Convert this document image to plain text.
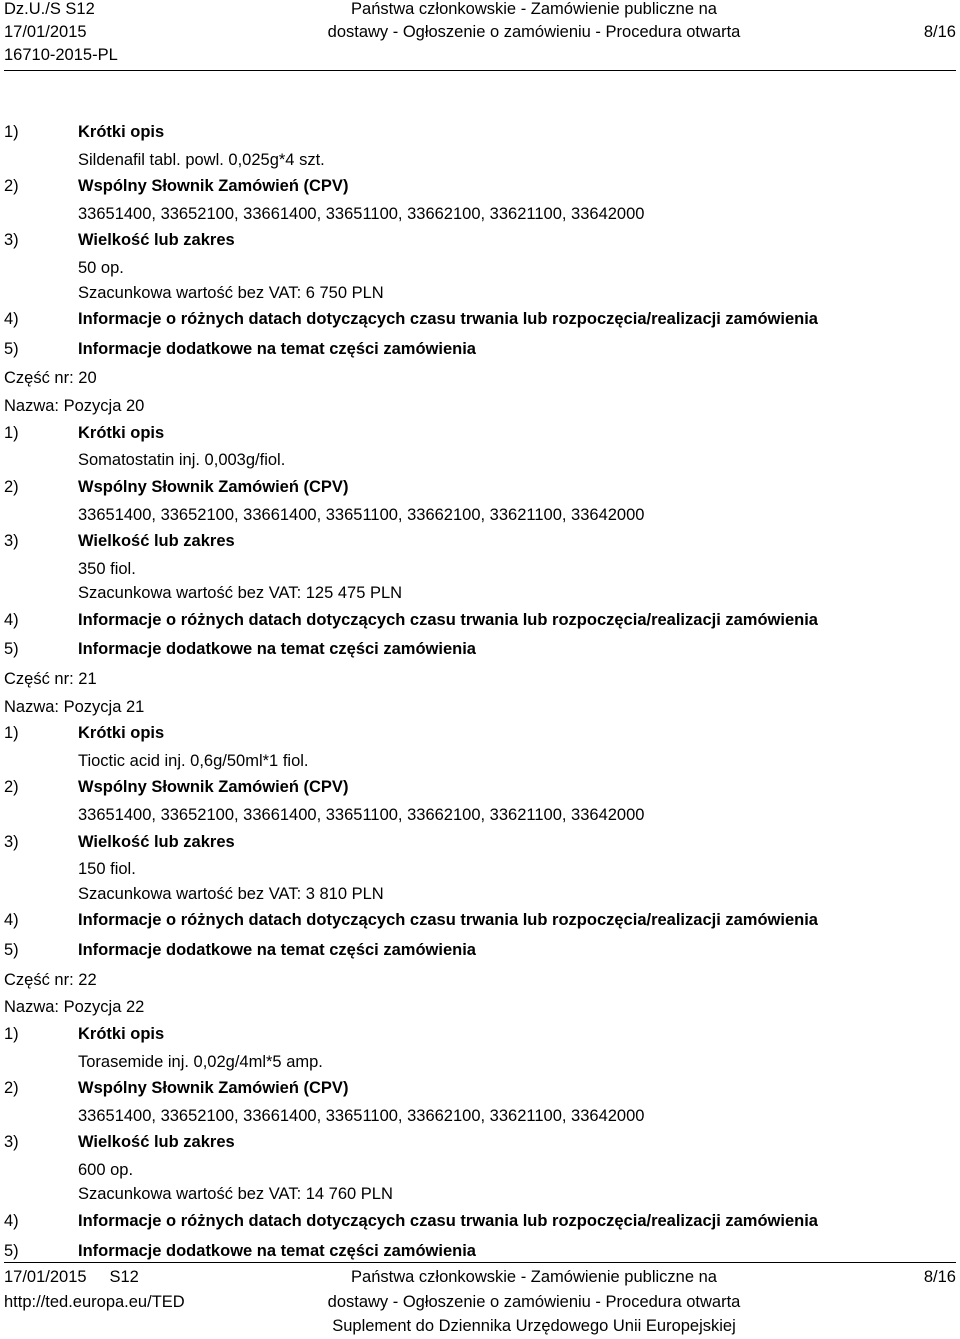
Dz.U./S S12
17/01/2015
16710-2015-PL
Państwa członkowskie - Zamówienie publiczne na
dostawy - Ogłoszenie o zamówieniu - Procedura otwarta
	8/16
1)	Krótki opis
Sildenafil tabl. powl. 0,025g*4 szt.
2)	Wspólny Słownik Zamówień (CPV)
33651400, 33652100, 33661400, 33651100, 33662100, 33621100, 33642000
3)	Wielkość lub zakres
50 op.
Szacunkowa wartość bez VAT: 6 750 PLN
4)	Informacje o różnych datach dotyczących czasu trwania lub rozpoczęcia/realizacji zamówienia
5)	Informacje dodatkowe na temat części zamówienia
Część nr: 20
Nazwa: Pozycja 20
1)	Krótki opis
Somatostatin inj. 0,003g/fiol.
2)	Wspólny Słownik Zamówień (CPV)
33651400, 33652100, 33661400, 33651100, 33662100, 33621100, 33642000
3)	Wielkość lub zakres
350 fiol.
Szacunkowa wartość bez VAT: 125 475 PLN
4)	Informacje o różnych datach dotyczących czasu trwania lub rozpoczęcia/realizacji zamówienia
5)	Informacje dodatkowe na temat części zamówienia
Część nr: 21
Nazwa: Pozycja 21
1)	Krótki opis
Tioctic acid inj. 0,6g/50ml*1 fiol.
2)	Wspólny Słownik Zamówień (CPV)
33651400, 33652100, 33661400, 33651100, 33662100, 33621100, 33642000
3)	Wielkość lub zakres
150 fiol.
Szacunkowa wartość bez VAT: 3 810 PLN
4)	Informacje o różnych datach dotyczących czasu trwania lub rozpoczęcia/realizacji zamówienia
5)	Informacje dodatkowe na temat części zamówienia
Część nr: 22
Nazwa: Pozycja 22
1)	Krótki opis
Torasemide inj. 0,02g/4ml*5 amp.
2)	Wspólny Słownik Zamówień (CPV)
33651400, 33652100, 33661400, 33651100, 33662100, 33621100, 33642000
3)	Wielkość lub zakres
600 op.
Szacunkowa wartość bez VAT: 14 760 PLN
4)	Informacje o różnych datach dotyczących czasu trwania lub rozpoczęcia/realizacji zamówienia
5)	Informacje dodatkowe na temat części zamówienia
17/01/2015     S12
http://ted.europa.eu/TED
Państwa członkowskie - Zamówienie publiczne na
dostawy - Ogłoszenie o zamówieniu - Procedura otwarta
Suplement do Dziennika Urzędowego Unii Europejskiej
8/16
